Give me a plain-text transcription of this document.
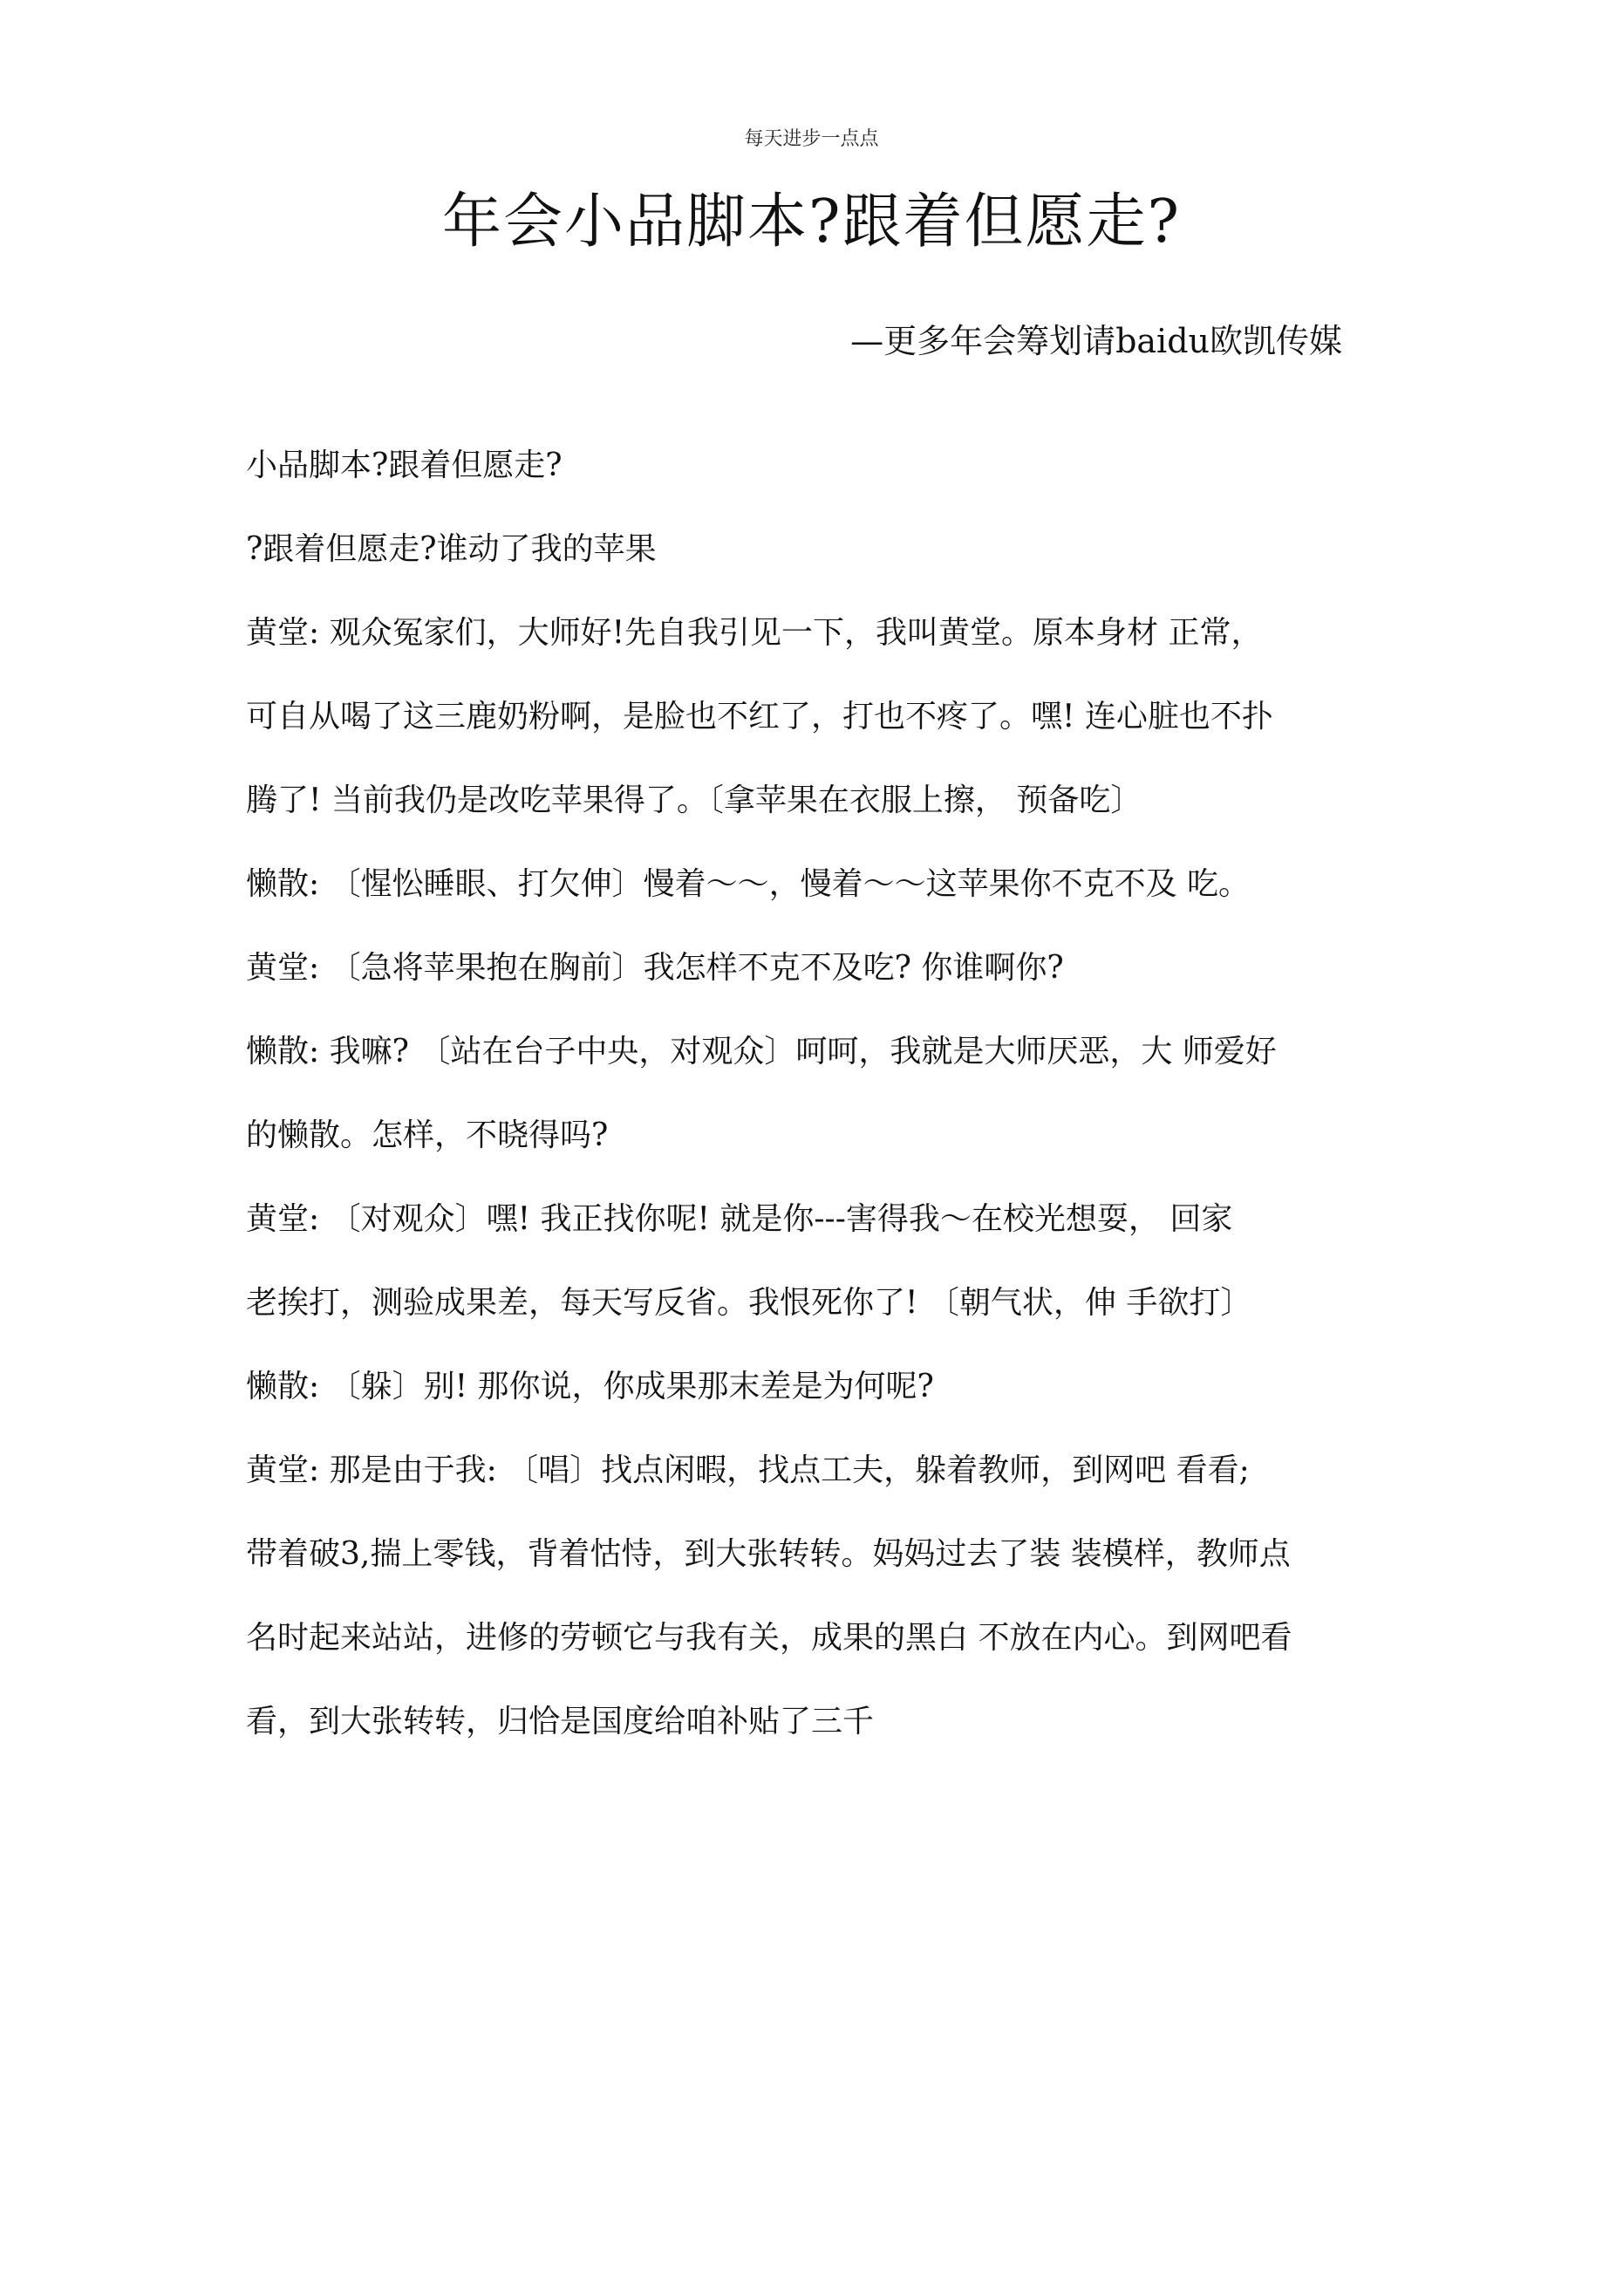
每天进步一点点
年会小品脚本?跟着但愿走?
—更多年会筹划请baidu欧凯传媒
小品脚本?跟着但愿走?
?跟着但愿走?谁动了我的苹果
黄堂: 观众冤家们，大师好!先自我引见一下，我叫黄堂。原本身材 正常，
可自从喝了这三鹿奶粉啊，是脸也不红了，打也不疼了。嘿! 连心脏也不扑
腾了! 当前我仍是改吃苹果得了。〔拿苹果在衣服上擦， 预备吃〕
懒散: 〔惺忪睡眼、打欠伸〕慢着〜〜，慢着〜〜这苹果你不克不及 吃。
黄堂: 〔急将苹果抱在胸前〕我怎样不克不及吃? 你谁啊你?
懒散: 我嘛? 〔站在台子中央，对观众〕呵呵，我就是大师厌恶，大 师爱好
的懒散。怎样，不晓得吗?
黄堂: 〔对观众〕嘿! 我正找你呢! 就是你---害得我〜在校光想耍， 回家
老挨打，测验成果差，每天写反省。我恨死你了! 〔朝气状，伸 手欲打〕
懒散: 〔躲〕别! 那你说，你成果那末差是为何呢?
黄堂: 那是由于我: 〔唱〕找点闲暇，找点工夫，躲着教师，到网吧 看看;
带着破3,揣上零钱，背着怙恃，到大张转转。妈妈过去了装 装模样，教师点
名时起来站站，进修的劳顿它与我有关，成果的黑白 不放在内心。到网吧看
看，到大张转转，归恰是国度给咱补贴了三千
